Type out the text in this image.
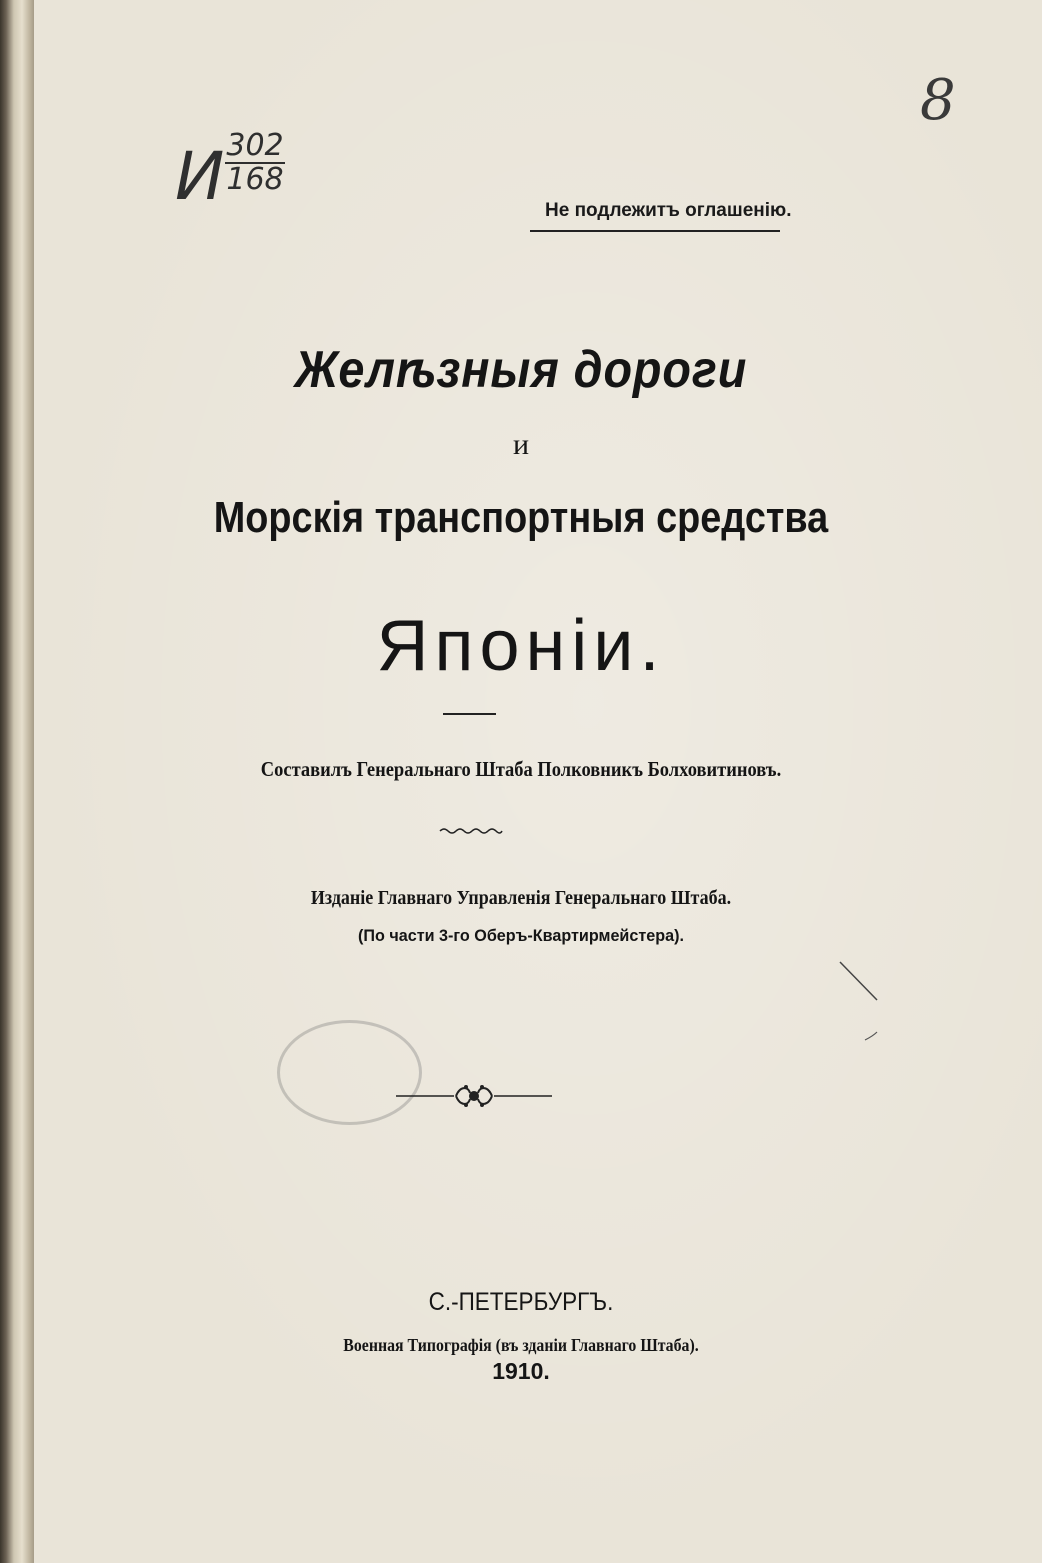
И $\frac{302}{168}$
8
Не подлежитъ оглашенію.
Желѣзныя дороги
и
Морскія транспортныя средства
Японіи.
Составилъ Генеральнаго Штаба Полковникъ Болховитиновъ.
Изданіе Главнаго Управленія Генеральнаго Штаба.
(По части 3-го Оберъ-Квартирмейстера).
С.-ПЕТЕРБУРГЪ.
Военная Типографія (въ зданіи Главнаго Штаба).
1910.
